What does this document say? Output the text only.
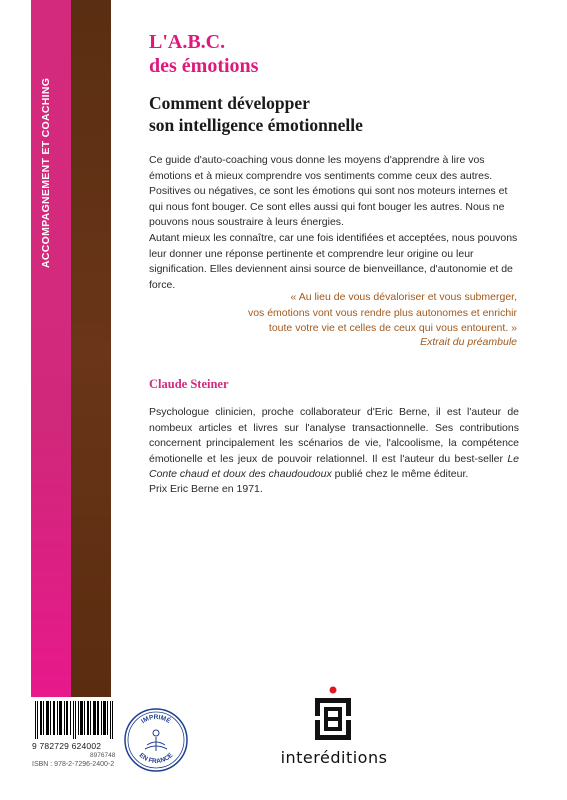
ACCOMPAGNEMENT ET COACHING
L'A.B.C.
des émotions
Comment développer
son intelligence émotionnelle

Ce guide d'auto-coaching vous donne les moyens d'apprendre à lire vos émotions et à mieux comprendre vos sentiments comme ceux des autres.

Positives ou négatives, ce sont les émotions qui sont nos moteurs internes et qui nous font bouger. Ce sont elles aussi qui font bouger les autres. Nous ne pouvons nous soustraire à leurs énergies.

Autant mieux les connaître, car une fois identifiées et acceptées, nous pouvons leur donner une réponse pertinente et comprendre leur origine ou leur signification. Elles deviennent ainsi source de bienveillance, d'autonomie et de force.

« Au lieu de vous dévaloriser et vous submerger,
vos émotions vont vous rendre plus autonomes et enrichir
toute votre vie et celles de ceux qui vous entourent. »

Extrait du préambule

Claude Steiner

Psychologue clinicien, proche collaborateur d'Eric Berne, il est l'auteur de nombeux articles et livres sur l'analyse transactionnelle. Ses contributions concernent principalement les scénarios de vie, l'alcoolisme, la compétence émotionelle et les jeux de pouvoir relationnel. Il est l'auteur du best-seller Le Conte chaud et doux des chaudoudoux publié chez le même éditeur.

Prix Eric Berne en 1971.

9 782729 624002

8976748

ISBN : 978-2-7296-2400-2

IMPRIMÉ
EN FRANCE	interéditions
